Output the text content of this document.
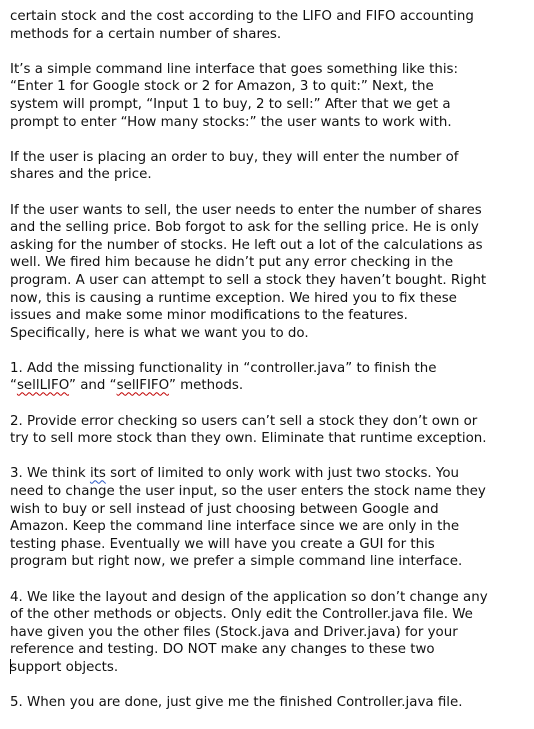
certain stock and the cost according to the LIFO and FIFO accounting
methods for a certain number of shares.

It’s a simple command line interface that goes something like this:
“Enter 1 for Google stock or 2 for Amazon, 3 to quit:” Next, the
system will prompt, “Input 1 to buy, 2 to sell:” After that we get a
prompt to enter “How many stocks:” the user wants to work with.

If the user is placing an order to buy, they will enter the number of
shares and the price.

If the user wants to sell, the user needs to enter the number of shares
and the selling price. Bob forgot to ask for the selling price. He is only
asking for the number of stocks. He left out a lot of the calculations as
well. We fired him because he didn’t put any error checking in the
program. A user can attempt to sell a stock they haven’t bought. Right
now, this is causing a runtime exception. We hired you to fix these
issues and make some minor modifications to the features.
Specifically, here is what we want you to do.

1. Add the missing functionality in “controller.java” to finish the
“sellLIFO” and “sellFIFO” methods.

2. Provide error checking so users can’t sell a stock they don’t own or
try to sell more stock than they own. Eliminate that runtime exception.

3. We think its sort of limited to only work with just two stocks. You
need to change the user input, so the user enters the stock name they
wish to buy or sell instead of just choosing between Google and
Amazon. Keep the command line interface since we are only in the
testing phase. Eventually we will have you create a GUI for this
program but right now, we prefer a simple command line interface.

4. We like the layout and design of the application so don’t change any
of the other methods or objects. Only edit the Controller.java file. We
have given you the other files (Stock.java and Driver.java) for your
reference and testing. DO NOT make any changes to these two
support objects.

5. When you are done, just give me the finished Controller.java file.
